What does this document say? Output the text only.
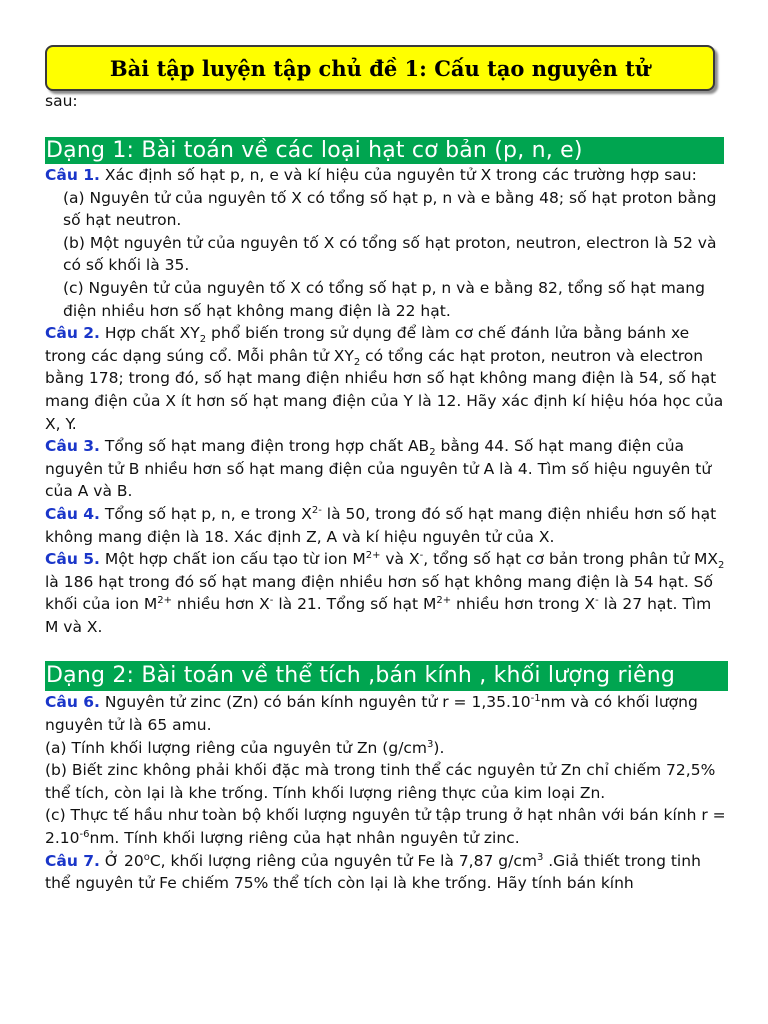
Bài tập luyện tập chủ đề 1: Cấu tạo nguyên tử
sau:
Dạng 1: Bài toán về các loại hạt cơ bản (p, n, e)

Câu 1. Xác định số hạt p, n, e và kí hiệu của nguyên tử X trong các trường hợp sau:

(a) Nguyên tử của nguyên tố X có tổng số hạt p, n và e bằng 48; số hạt proton bằng số hạt neutron.

(b) Một nguyên tử của nguyên tố X có tổng số hạt proton, neutron, electron là 52 và có số khối là 35.

(c) Nguyên tử của nguyên tố X có tổng số hạt p, n và e bằng 82, tổng số hạt mang điện nhiều hơn số hạt không mang điện là 22 hạt.

Câu 2. Hợp chất $XY_2$ phổ biến trong sử dụng để làm cơ chế đánh lửa bằng bánh xe trong các dạng súng cổ. Mỗi phân tử $XY_2$ có tổng các hạt proton, neutron và electron bằng 178; trong đó, số hạt mang điện nhiều hơn số hạt không mang điện là 54, số hạt mang điện của X ít hơn số hạt mang điện của Y là 12. Hãy xác định kí hiệu hóa học của X, Y.

Câu 3. Tổng số hạt mang điện trong hợp chất $AB_2$ bằng 44. Số hạt mang điện của nguyên tử B nhiều hơn số hạt mang điện của nguyên tử A là 4. Tìm số hiệu nguyên tử của A và B.

Câu 4. Tổng số hạt p, n, e trong $X^{2-}$ là 50, trong đó số hạt mang điện nhiều hơn số hạt không mang điện là 18. Xác định Z, A và kí hiệu nguyên tử của X.

Câu 5. Một hợp chất ion cấu tạo từ ion $M^{2+}$ và X-, tổng số hạt cơ bản trong phân tử $MX_2$ là 186 hạt trong đó số hạt mang điện nhiều hơn số hạt không mang điện là 54 hạt. Số khối của ion $M^{2+}$ nhiều hơn X- là 21. Tổng số hạt $M^{2+}$ nhiều hơn trong X- là 27 hạt. Tìm M và X.

Dạng 2: Bài toán về thể tích ,bán kính , khối lượng riêng

Câu 6. Nguyên tử zinc (Zn) có bán kính nguyên tử $r = 1,35.10^{-1}nm$ và có khối lượng nguyên tử là 65 amu.

(a) Tính khối lượng riêng của nguyên tử Zn $(g/cm^3)$.

(b) Biết zinc không phải khối đặc mà trong tinh thể các nguyên tử Zn chỉ chiếm 72,5% thể tích, còn lại là khe trống. Tính khối lượng riêng thực của kim loại Zn.

(c) Thực tế hầu như toàn bộ khối lượng nguyên tử tập trung ở hạt nhân với bán kính $r = 2.10^{-6}nm$. Tính khối lượng riêng của hạt nhân nguyên tử zinc.

Câu 7. Ở 20$^o$C, khối lượng riêng của nguyên tử Fe là 7,87 $g/cm^3$ .Giả thiết trong tinh thể nguyên tử Fe chiếm 75% thể tích còn lại là khe trống. Hãy tính bán kính
